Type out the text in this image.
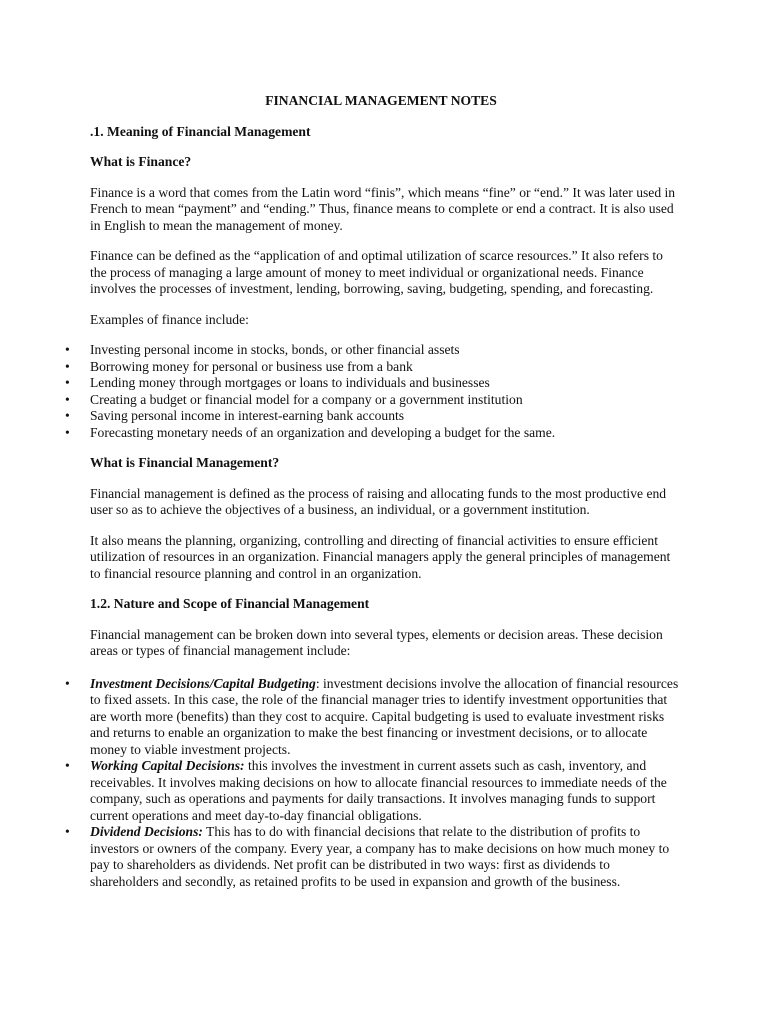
FINANCIAL MANAGEMENT NOTES
.1. Meaning of Financial Management
What is Finance?

Finance is a word that comes from the Latin word “finis”, which means “fine” or “end.” It was later used in French to mean “payment” and “ending.” Thus, finance means to complete or end a contract. It is also used in English to mean the management of money.

Finance can be defined as the “application of and optimal utilization of scarce resources.” It also refers to the process of managing a large amount of money to meet individual or organizational needs. Finance involves the processes of investment, lending, borrowing, saving, budgeting, spending, and forecasting.

Examples of finance include:

• Investing personal income in stocks, bonds, or other financial assets
• Borrowing money for personal or business use from a bank
• Lending money through mortgages or loans to individuals and businesses
• Creating a budget or financial model for a company or a government institution
• Saving personal income in interest-earning bank accounts
• Forecasting monetary needs of an organization and developing a budget for the same.
What is Financial Management?

Financial management is defined as the process of raising and allocating funds to the most productive end user so as to achieve the objectives of a business, an individual, or a government institution.

It also means the planning, organizing, controlling and directing of financial activities to ensure efficient utilization of resources in an organization. Financial managers apply the general principles of management to financial resource planning and control in an organization.

1.2. Nature and Scope of Financial Management

Financial management can be broken down into several types, elements or decision areas. These decision areas or types of financial management include:

• Investment Decisions/Capital Budgeting: investment decisions involve the allocation of financial resources to fixed assets. In this case, the role of the financial manager tries to identify investment opportunities that are worth more (benefits) than they cost to acquire. Capital budgeting is used to evaluate investment risks and returns to enable an organization to make the best financing or investment decisions, or to allocate money to viable investment projects.
• Working Capital Decisions: this involves the investment in current assets such as cash, inventory, and receivables. It involves making decisions on how to allocate financial resources to immediate needs of the company, such as operations and payments for daily transactions. It involves managing funds to support current operations and meet day-to-day financial obligations.
• Dividend Decisions: This has to do with financial decisions that relate to the distribution of profits to investors or owners of the company. Every year, a company has to make decisions on how much money to pay to shareholders as dividends. Net profit can be distributed in two ways: first as dividends to shareholders and secondly, as retained profits to be used in expansion and growth of the business.
